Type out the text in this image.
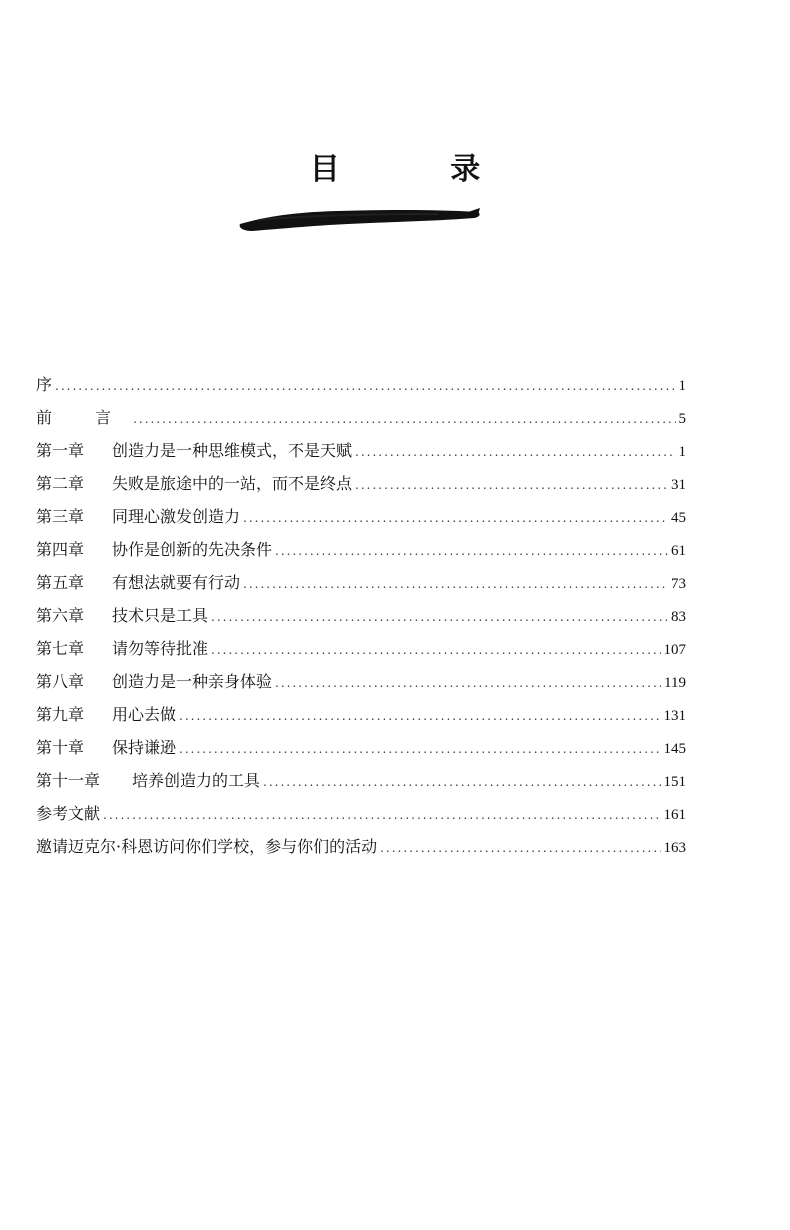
目 录
序 .....	1
前 言 .....	5
第一章 创造力是一种思维模式，不是天赋 .....	1
第二章 失败是旅途中的一站，而不是终点 .....	31
第三章 同理心激发创造力 .....	45
第四章 协作是创新的先决条件 .....	61
第五章 有想法就要有行动 .....	73
第六章 技术只是工具 .....	83
第七章 请勿等待批准 .....	107
第八章 创造力是一种亲身体验 .....	119
第九章 用心去做 .....	131
第十章 保持谦逊 .....	145
第十一章 培养创造力的工具 .....	151
参考文献 .....	161
邀请迈克尔·科恩访问你们学校，参与你们的活动 .....	163
